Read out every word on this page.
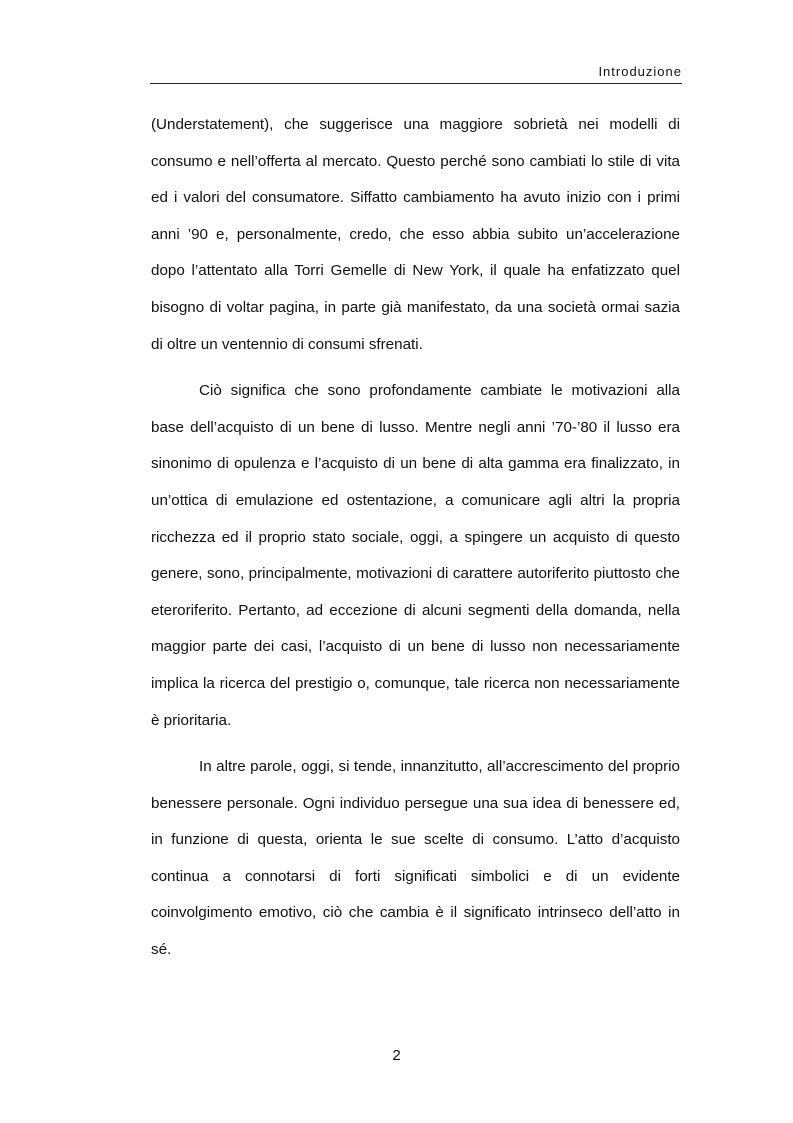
Introduzione

(Understatement), che suggerisce una maggiore sobrietà nei modelli di consumo e nell’offerta al mercato. Questo perché sono cambiati lo stile di vita ed i valori del consumatore. Siffatto cambiamento ha avuto inizio con i primi anni ’90 e, personalmente, credo, che esso abbia subito un’accelerazione dopo l’attentato alla Torri Gemelle di New York, il quale ha enfatizzato quel bisogno di voltar pagina, in parte già manifestato, da una società ormai sazia di oltre un ventennio di consumi sfrenati.

Ciò significa che sono profondamente cambiate le motivazioni alla base dell’acquisto di un bene di lusso. Mentre negli anni ’70-’80 il lusso era sinonimo di opulenza e l’acquisto di un bene di alta gamma era finalizzato, in un’ottica di emulazione ed ostentazione, a comunicare agli altri la propria ricchezza ed il proprio stato sociale, oggi, a spingere un acquisto di questo genere, sono, principalmente, motivazioni di carattere autoriferito piuttosto che eteroriferito. Pertanto, ad eccezione di alcuni segmenti della domanda, nella maggior parte dei casi, l’acquisto di un bene di lusso non necessariamente implica la ricerca del prestigio o, comunque, tale ricerca non necessariamente è prioritaria.

In altre parole, oggi, si tende, innanzitutto, all’accrescimento del proprio benessere personale. Ogni individuo persegue una sua idea di benessere ed, in funzione di questa, orienta le sue scelte di consumo. L’atto d’acquisto continua a connotarsi di forti significati simbolici e di un evidente coinvolgimento emotivo, ciò che cambia è il significato intrinseco dell’atto in sé.

2
